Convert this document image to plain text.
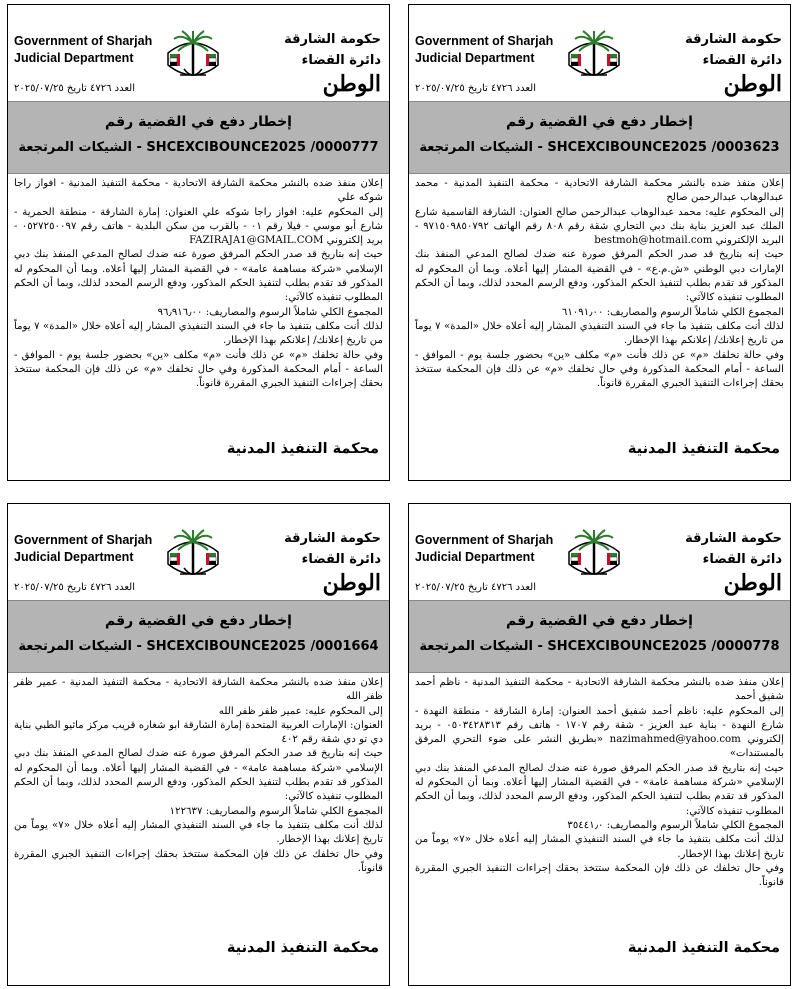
Government of Sharjah
Judicial Department
حكومة الشارقة
دائرة القضاء
الوطن
العدد ٤٧٢٦ تاريخ ٢٠٢٥/٠٧/٢٥
إخطار دفع في القضية رقم
SHCEXCIBOUNCE2025 /0003623 - الشيكات المرتجعة

إعلان منفذ ضده بالنشر محكمة الشارقة الاتحادية - محكمة التنفيذ المدنية - محمد عبدالوهاب عبدالرحمن صالح

إلى المحكوم عليه: محمد عبدالوهاب عبدالرحمن صالح العنوان: الشارقة القاسمية شارع الملك عبد العزيز بناية بنك دبي التجاري شقة رقم ٨٠٨ رقم الهاتف ٩٧١٥٠٩٨٥٠٧٩٢ - البريد الإلكتروني bestmoh@hotmail.com

حيث إنه بتاريخ قد صدر الحكم المرفق صورة عنه ضدك لصالح المدعي المنفذ بنك الإمارات دبي الوطني «ش.م.ع» - في القضية المشار إليها أعلاه. وبما أن المحكوم له المذكور قد تقدم بطلب لتنفيذ الحكم المذكور، ودفع الرسم المحدد لذلك، وبما أن الحكم المطلوب تنفيذه كالآتي:

المجموع الكلي شاملاً الرسوم والمصاريف: ٦١٠٩١٫٠٠

لذلك أنت مكلف بتنفيذ ما جاء في السند التنفيذي المشار إليه أعلاه خلال «المدة» ٧ يوماً من تاريخ إعلانك/ إعلانكم بهذا الإخطار.

وفي حالة تخلفك «م» عن ذلك فأنت «م» مكلف «ين» بحضور جلسة يوم - الموافق - الساعة - أمام المحكمة المذكورة وفي حال تخلفك «م» عن ذلك فإن المحكمة ستتخذ بحقك إجراءات التنفيذ الجبري المقررة قانوناً.

محكمة التنفيذ المدنية
Government of Sharjah
Judicial Department
حكومة الشارقة
دائرة القضاء
الوطن
العدد ٤٧٢٦ تاريخ ٢٠٢٥/٠٧/٢٥
إخطار دفع في القضية رقم
SHCEXCIBOUNCE2025 /0000777 - الشيكات المرتجعة

إعلان منفذ ضده بالنشر محكمة الشارقة الاتحادية - محكمة التنفيذ المدنية - افواز راجا شوكه علي

إلى المحكوم عليه: افواز راجا شوكه علي العنوان: إمارة الشارقة - منطقة الحمرية - شارع أبو موسي - فيلا رقم ٠١ - بالقرب من سكن البلدية - هاتف رقم ٠٥٢٧٢٥٠٠٩٧ - بريد إلكتروني FAZIRAJA1@GMAIL.COM

حيث إنه بتاريخ قد صدر الحكم المرفق صورة عنه ضدك لصالح المدعي المنفذ بنك دبي الإسلامي «شركة مساهمة عامة» - في القضية المشار إليها أعلاه. وبما أن المحكوم له المذكور قد تقدم بطلب لتنفيذ الحكم المذكور، ودفع الرسم المحدد لذلك، وبما أن الحكم المطلوب تنفيذه كالآتي:

المجموع الكلي شاملاً الرسوم والمصاريف: ٩٦٫٩١٦٫٠٠

لذلك أنت مكلف بتنفيذ ما جاء في السند التنفيذي المشار إليه أعلاه خلال «المدة» ٧ يوماً من تاريخ إعلانك/ إعلانكم بهذا الإخطار.

وفي حالة تخلفك «م» عن ذلك فأنت «م» مكلف «ين» بحضور جلسة يوم - الموافق - الساعة - أمام المحكمة المذكورة وفي حال تخلفك «م» عن ذلك فإن المحكمة ستتخذ بحقك إجراءات التنفيذ الجبري المقررة قانوناً.

محكمة التنفيذ المدنية
Government of Sharjah
Judicial Department
حكومة الشارقة
دائرة القضاء
الوطن
العدد ٤٧٢٦ تاريخ ٢٠٢٥/٠٧/٢٥
إخطار دفع في القضية رقم
SHCEXCIBOUNCE2025 /0000778 - الشيكات المرتجعة

إعلان منفذ ضده بالنشر محكمة الشارقة الاتحادية - محكمة التنفيذ المدنية - ناظم أحمد شفيق أحمد

إلى المحكوم عليه: ناظم أحمد شفيق أحمد العنوان: إمارة الشارقة - منطقة النهدة - شارع النهدة - بناية عبد العزيز - شقة رقم ١٧٠٧ - هاتف رقم ٠٥٠٣٤٢٨٣١٣ - بريد إلكتروني nazimahmed@yahoo.com «بطريق النشر على ضوء التحري المرفق بالمستندات»

حيث إنه بتاريخ قد صدر الحكم المرفق صورة عنه ضدك لصالح المدعي المنفذ بنك دبي الإسلامي «شركة مساهمة عامة» - في القضية المشار إليها أعلاه. وبما أن المحكوم له المذكور قد تقدم بطلب لتنفيذ الحكم المذكور، ودفع الرسم المحدد لذلك، وبما أن الحكم المطلوب تنفيذه كالآتي:

المجموع الكلي شاملاً الرسوم والمصاريف: ٣٥٤٤١٫٠

لذلك أنت مكلف بتنفيذ ما جاء في السند التنفيذي المشار إليه أعلاه خلال «٧» يوماً من تاريخ إعلانك بهذا الإخطار.

وفي حال تخلفك عن ذلك فإن المحكمة ستتخذ بحقك إجراءات التنفيذ الجبري المقررة قانوناً.

محكمة التنفيذ المدنية
Government of Sharjah
Judicial Department
حكومة الشارقة
دائرة القضاء
الوطن
العدد ٤٧٢٦ تاريخ ٢٠٢٥/٠٧/٢٥
إخطار دفع في القضية رقم
SHCEXCIBOUNCE2025 /0001664 - الشيكات المرتجعة

إعلان منفذ ضده بالنشر محكمة الشارقة الاتحادية - محكمة التنفيذ المدنية - عمير ظفر ظفر الله

إلى المحكوم عليه: عمير ظفر ظفر الله

العنوان: الإمارات العربية المتحدة إمارة الشارقة ابو شغاره قريب مركز ماثيو الطبي بناية دي تو دي شقة رقم ٤٠٢

حيث إنه بتاريخ قد صدر الحكم المرفق صورة عنه ضدك لصالح المدعي المنفذ بنك دبي الإسلامي «شركة مساهمة عامة» - في القضية المشار إليها أعلاه. وبما أن المحكوم له المذكور قد تقدم بطلب لتنفيذ الحكم المذكور، ودفع الرسم المحدد لذلك، وبما أن الحكم المطلوب تنفيذه كالآتي:

المجموع الكلي شاملاً الرسوم والمصاريف: ١٢٢٦٣٧

لذلك أنت مكلف بتنفيذ ما جاء في السند التنفيذي المشار إليه أعلاه خلال «٧» يوماً من تاريخ إعلانك بهذا الإخطار.

وفي حال تخلفك عن ذلك فإن المحكمة ستتخذ بحقك إجراءات التنفيذ الجبري المقررة قانوناً.

محكمة التنفيذ المدنية
